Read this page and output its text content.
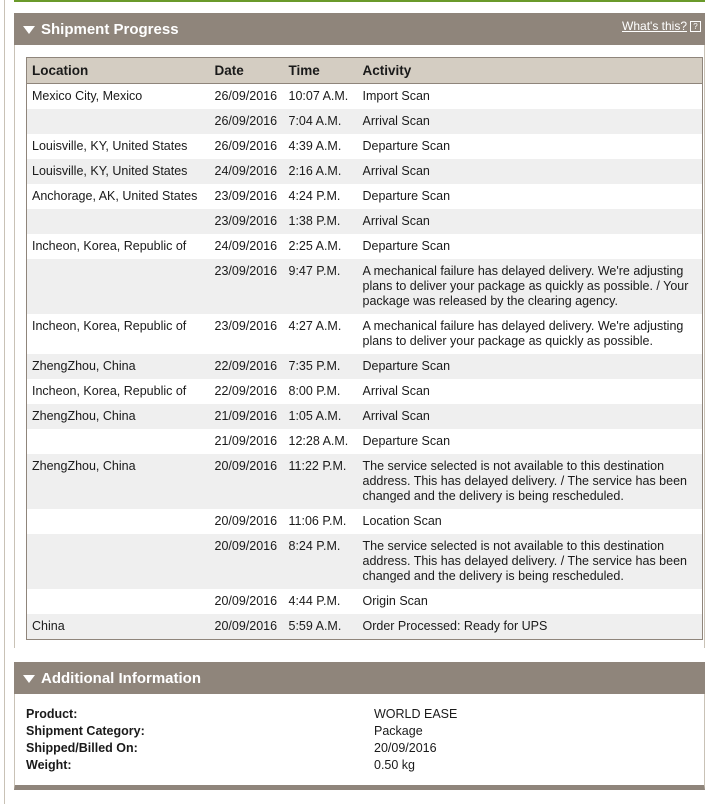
Shipment Progress	What's this? ?
Location	Date	Time	Activity
Mexico City, Mexico	26/09/2016	10:07 A.M.	Import Scan
	26/09/2016	7:04 A.M.	Arrival Scan
Louisville, KY, United States	26/09/2016	4:39 A.M.	Departure Scan
Louisville, KY, United States	24/09/2016	2:16 A.M.	Arrival Scan
Anchorage, AK, United States	23/09/2016	4:24 P.M.	Departure Scan
	23/09/2016	1:38 P.M.	Arrival Scan
Incheon, Korea, Republic of	24/09/2016	2:25 A.M.	Departure Scan
	23/09/2016	9:47 P.M.	A mechanical failure has delayed delivery. We're adjusting plans to deliver your package as quickly as possible. / Your package was released by the clearing agency.
Incheon, Korea, Republic of	23/09/2016	4:27 A.M.	A mechanical failure has delayed delivery. We're adjusting plans to deliver your package as quickly as possible.
ZhengZhou, China	22/09/2016	7:35 P.M.	Departure Scan
Incheon, Korea, Republic of	22/09/2016	8:00 P.M.	Arrival Scan
ZhengZhou, China	21/09/2016	1:05 A.M.	Arrival Scan
	21/09/2016	12:28 A.M.	Departure Scan
ZhengZhou, China	20/09/2016	11:22 P.M.	The service selected is not available to this destination address. This has delayed delivery. / The service has been changed and the delivery is being rescheduled.
	20/09/2016	11:06 P.M.	Location Scan
	20/09/2016	8:24 P.M.	The service selected is not available to this destination address. This has delayed delivery. / The service has been changed and the delivery is being rescheduled.
	20/09/2016	4:44 P.M.	Origin Scan
China	20/09/2016	5:59 A.M.	Order Processed: Ready for UPS
Additional Information
Product:	WORLD EASE
Shipment Category:	Package
Shipped/Billed On:	20/09/2016
Weight:	0.50 kg
